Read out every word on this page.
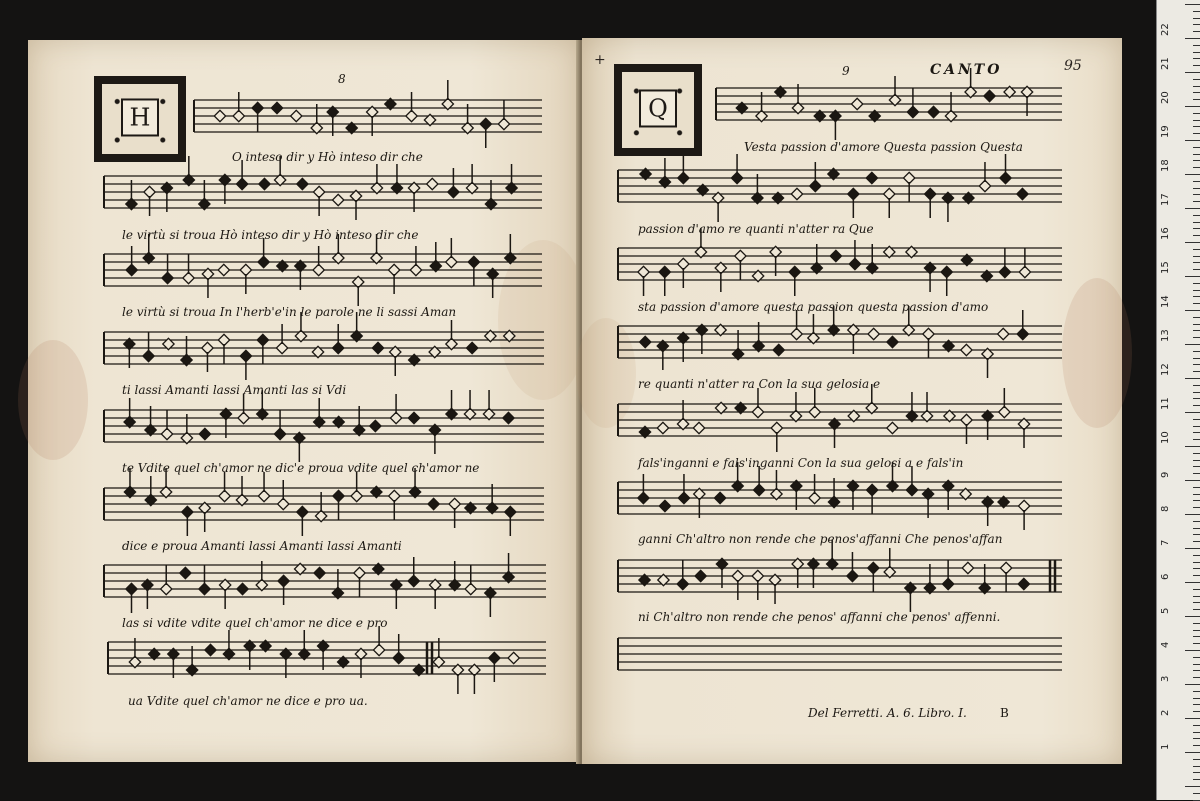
H	Q
8
9	CANTO	95
+
O inteso dir y Hò inteso dir che
le virtù si troua Hò inteso dir y Hò inteso dir che
le virtù si troua In l'herb'e'in le parole ne li sassi Aman
ti lassi Amanti lassi Amanti las si Vdi
te Vdite quel ch'amor ne dic'e proua vdite quel ch'amor ne
dice e proua Amanti lassi Amanti lassi Amanti
las si vdite vdite quel ch'amor ne dice e pro
ua Vdite quel ch'amor ne dice e pro ua.
Vesta passion d'amore Questa passion Questa
passion d'amo re quanti n'atter ra Que
sta passion d'amore questa passion questa passion d'amo
re quanti n'atter ra Con la sua gelosia e
fals'inganni e fals'inganni Con la sua gelosi a e fals'in
ganni Ch'altro non rende che penos'affanni Che penos'affan
ni Ch'altro non rende che penos' affanni che penos' affenni.
Del Ferretti. A. 6. Libro. I.	B
22
21
20
19
18
17
16
15
14
13
12
11
10
9
8
7
6
5
4
3
2
1
